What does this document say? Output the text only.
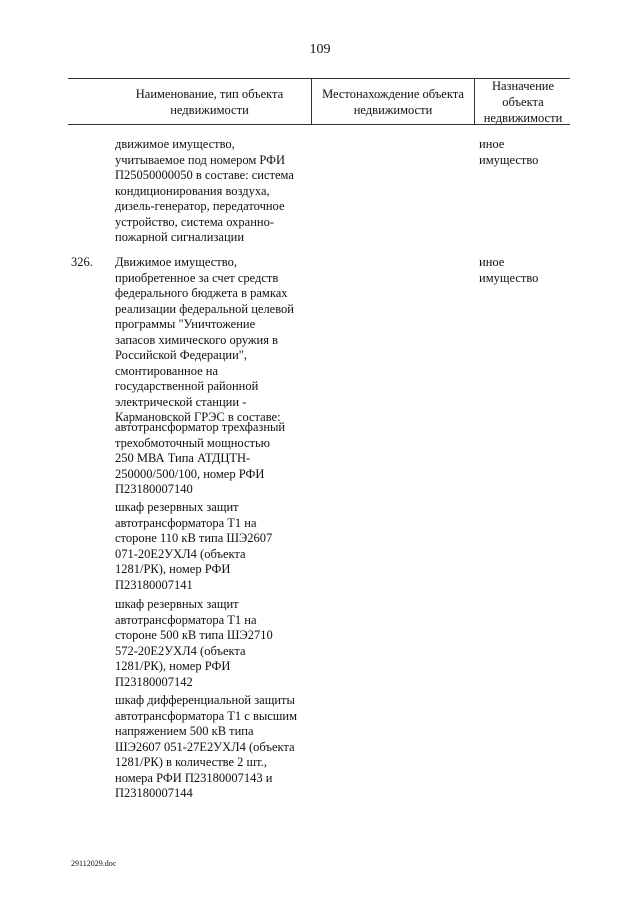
109
Наименование, тип объекта
недвижимости
Местонахождение объекта
недвижимости
Назначение
объекта
недвижимости
движимое имущество,
учитываемое под номером РФИ
П25050000050 в составе: система
кондиционирования воздуха,
дизель-генератор, передаточное
устройство, система охранно-
пожарной сигнализации
иное
имущество
326. Движимое имущество,
приобретенное за счет средств
федерального бюджета в рамках
реализации федеральной целевой
программы "Уничтожение
запасов химического оружия в
Российской Федерации",
смонтированное на
государственной районной
электрической станции -
Кармановской ГРЭС в составе:
иное
имущество
автотрансформатор трехфазный
трехобмоточный мощностью
250 МВА Типа АТДЦТН-
250000/500/100, номер РФИ
П23180007140
шкаф резервных защит
автотрансформатора Т1 на
стороне 110 кВ типа ШЭ2607
071-20Е2УХЛ4 (объекта
1281/РК), номер РФИ
П23180007141
шкаф резервных защит
автотрансформатора Т1 на
стороне 500 кВ типа ШЭ2710
572-20Е2УХЛ4 (объекта
1281/РК), номер РФИ
П23180007142
шкаф дифференциальной защиты
автотрансформатора Т1 с высшим
напряжением 500 кВ типа
ШЭ2607 051-27Е2УХЛ4 (объекта
1281/РК) в количестве 2 шт.,
номера РФИ П23180007143 и
П23180007144
29112029.doc
